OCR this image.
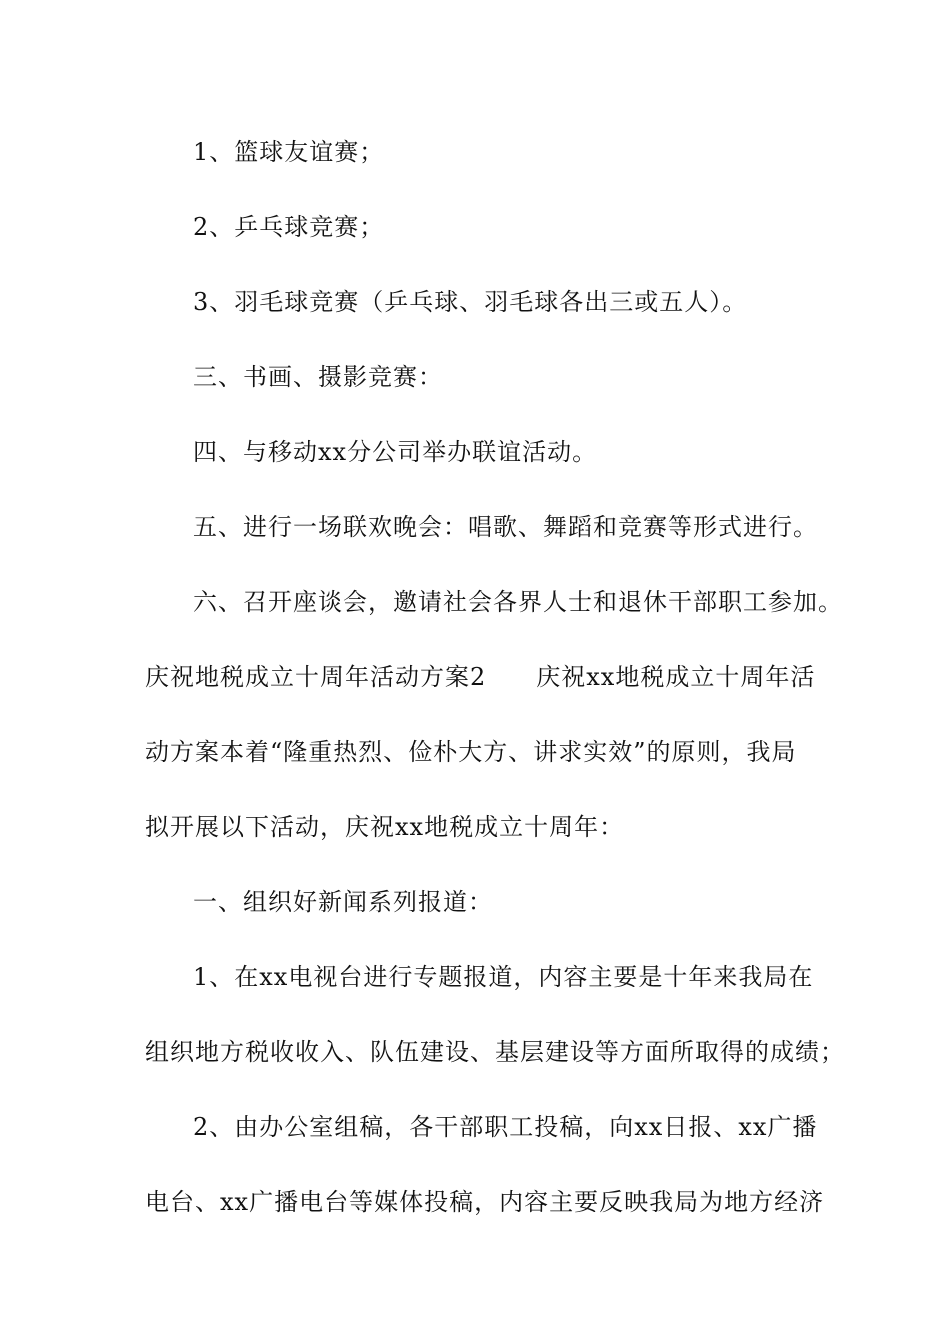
1、篮球友谊赛；
2、乒乓球竞赛；
3、羽毛球竞赛（乒乓球、羽毛球各出三或五人）。
三、书画、摄影竞赛：
四、与移动xx分公司举办联谊活动。
五、进行一场联欢晚会：唱歌、舞蹈和竞赛等形式进行。
六、召开座谈会，邀请社会各界人士和退休干部职工参加。
庆祝地税成立十周年活动方案2　　庆祝xx地税成立十周年活
动方案本着“隆重热烈、俭朴大方、讲求实效”的原则，我局
拟开展以下活动，庆祝xx地税成立十周年：
一、组织好新闻系列报道：
1、在xx电视台进行专题报道，内容主要是十年来我局在
组织地方税收收入、队伍建设、基层建设等方面所取得的成绩；
2、由办公室组稿，各干部职工投稿，向xx日报、xx广播
电台、xx广播电台等媒体投稿，内容主要反映我局为地方经济
